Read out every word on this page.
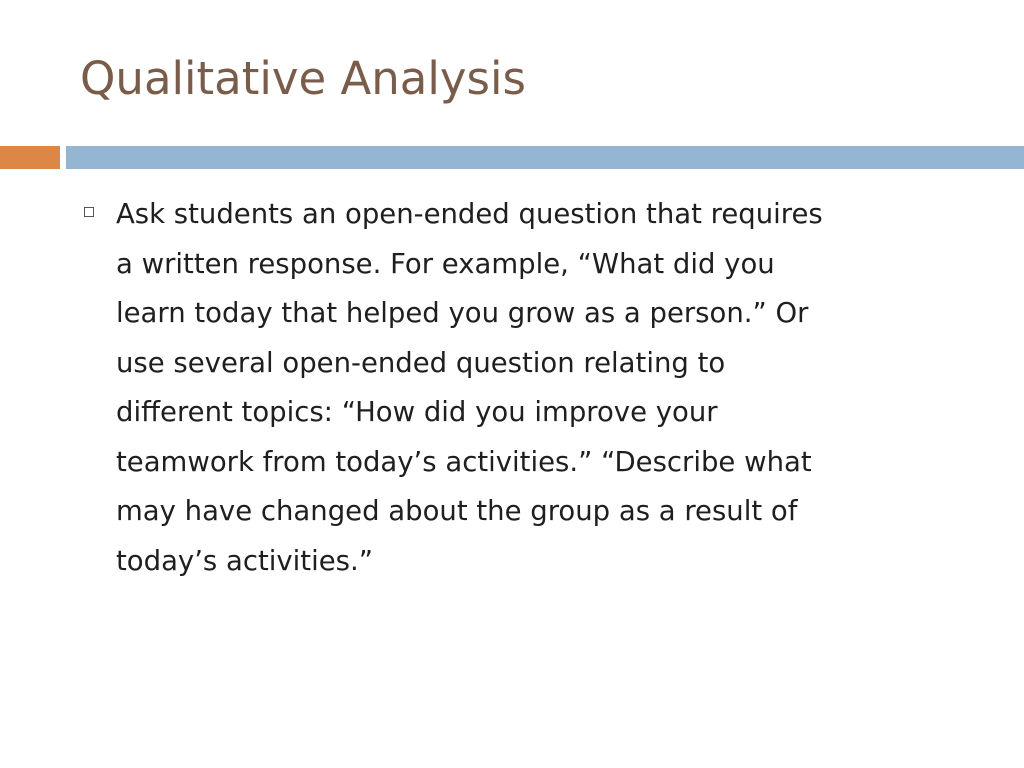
Qualitative Analysis

Ask students an open-ended question that requires
a written response. For example, “What did you
learn today that helped you grow as a person.” Or
use several open-ended question relating to
different topics: “How did you improve your
teamwork from today’s activities.” “Describe what
may have changed about the group as a result of
today’s activities.”
